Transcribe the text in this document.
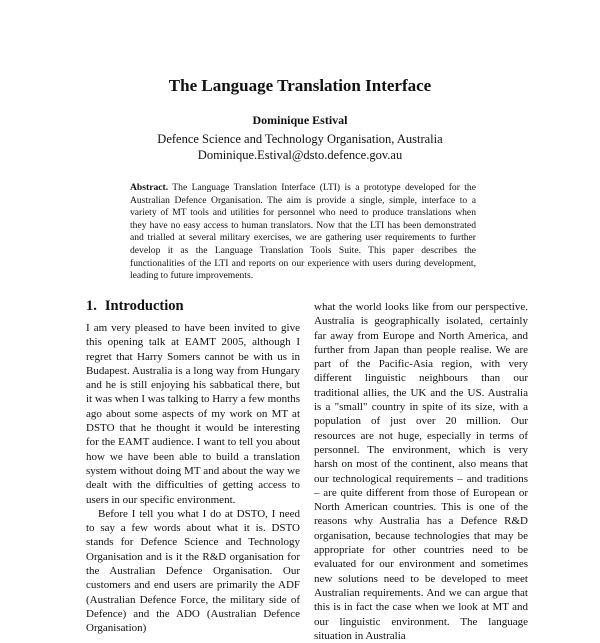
The Language Translation Interface
Dominique Estival
Defence Science and Technology Organisation, Australia
Dominique.Estival@dsto.defence.gov.au
Abstract. The Language Translation Interface (LTI) is a prototype developed for the Australian Defence Organisation. The aim is provide a single, simple, interface to a variety of MT tools and utilities for personnel who need to produce translations when they have no easy access to human translators. Now that the LTI has been demonstrated and trialled at several military exercises, we are gathering user requirements to further develop it as the Language Translation Tools Suite. This paper describes the functionalities of the LTI and reports on our experience with users during development, leading to future improvements.
1. Introduction

I am very pleased to have been invited to give this opening talk at EAMT 2005, although I regret that Harry Somers cannot be with us in Budapest. Australia is a long way from Hungary and he is still enjoying his sabbatical there, but it was when I was talking to Harry a few months ago about some aspects of my work on MT at DSTO that he thought it would be interesting for the EAMT audience. I want to tell you about how we have been able to build a translation system without doing MT and about the way we dealt with the difficulties of getting access to users in our specific environment.

Before I tell you what I do at DSTO, I need to say a few words about what it is. DSTO stands for Defence Science and Technology Organisation and is it the R&D organisation for the Australian Defence Organisation. Our customers and end users are primarily the ADF (Australian Defence Force, the military side of Defence) and the ADO (Australian Defence Organisation)

what the world looks like from our perspective. Australia is geographically isolated, certainly far away from Europe and North America, and further from Japan than people realise. We are part of the Pacific-Asia region, with very different linguistic neighbours than our traditional allies, the UK and the US. Australia is a "small" country in spite of its size, with a population of just over 20 million. Our resources are not huge, especially in terms of personnel. The environment, which is very harsh on most of the continent, also means that our technological requirements – and traditions – are quite different from those of European or North American countries. This is one of the reasons why Australia has a Defence R&D organisation, because technologies that may be appropriate for other countries need to be evaluated for our environment and sometimes new solutions need to be developed to meet Australian requirements. And we can argue that this is in fact the case when we look at MT and our linguistic environment. The language situation in Australia
